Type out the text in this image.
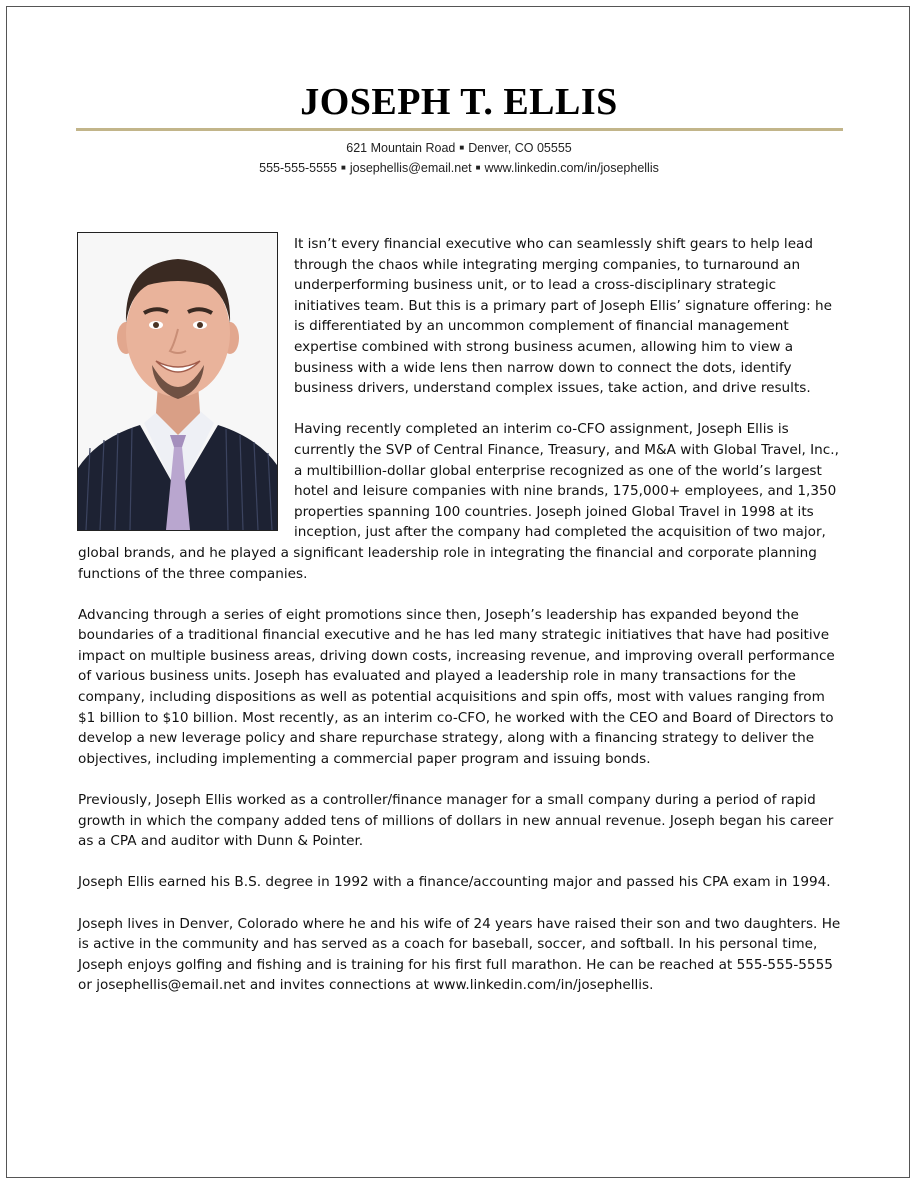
JOSEPH T. ELLIS
621 Mountain Road ■ Denver, CO 05555
555-555-5555 ■ josephellis@email.net ■ www.linkedin.com/in/josephellis

It isn’t every financial executive who can seamlessly shift gears to help lead through the chaos while integrating merging companies, to turnaround an underperforming business unit, or to lead a cross-disciplinary strategic initiatives team. But this is a primary part of Joseph Ellis’ signature offering: he is differentiated by an uncommon complement of financial management expertise combined with strong business acumen, allowing him to view a business with a wide lens then narrow down to connect the dots, identify business drivers, understand complex issues, take action, and drive results.

Having recently completed an interim co-CFO assignment, Joseph Ellis is currently the SVP of Central Finance, Treasury, and M&A with Global Travel, Inc., a multibillion-dollar global enterprise recognized as one of the world’s largest hotel and leisure companies with nine brands, 175,000+ employees, and 1,350 properties spanning 100 countries. Joseph joined Global Travel in 1998 at its inception, just after the company had completed the acquisition of two major, global brands, and he played a significant leadership role in integrating the financial and corporate planning functions of the three companies.

Advancing through a series of eight promotions since then, Joseph’s leadership has expanded beyond the boundaries of a traditional financial executive and he has led many strategic initiatives that have had positive impact on multiple business areas, driving down costs, increasing revenue, and improving overall performance of various business units. Joseph has evaluated and played a leadership role in many transactions for the company, including dispositions as well as potential acquisitions and spin offs, most with values ranging from $1 billion to $10 billion. Most recently, as an interim co-CFO, he worked with the CEO and Board of Directors to develop a new leverage policy and share repurchase strategy, along with a financing strategy to deliver the objectives, including implementing a commercial paper program and issuing bonds.

Previously, Joseph Ellis worked as a controller/finance manager for a small company during a period of rapid growth in which the company added tens of millions of dollars in new annual revenue. Joseph began his career as a CPA and auditor with Dunn & Pointer.

Joseph Ellis earned his B.S. degree in 1992 with a finance/accounting major and passed his CPA exam in 1994.

Joseph lives in Denver, Colorado where he and his wife of 24 years have raised their son and two daughters. He is active in the community and has served as a coach for baseball, soccer, and softball. In his personal time, Joseph enjoys golfing and fishing and is training for his first full marathon. He can be reached at 555-555-5555 or josephellis@email.net and invites connections at www.linkedin.com/in/josephellis.
